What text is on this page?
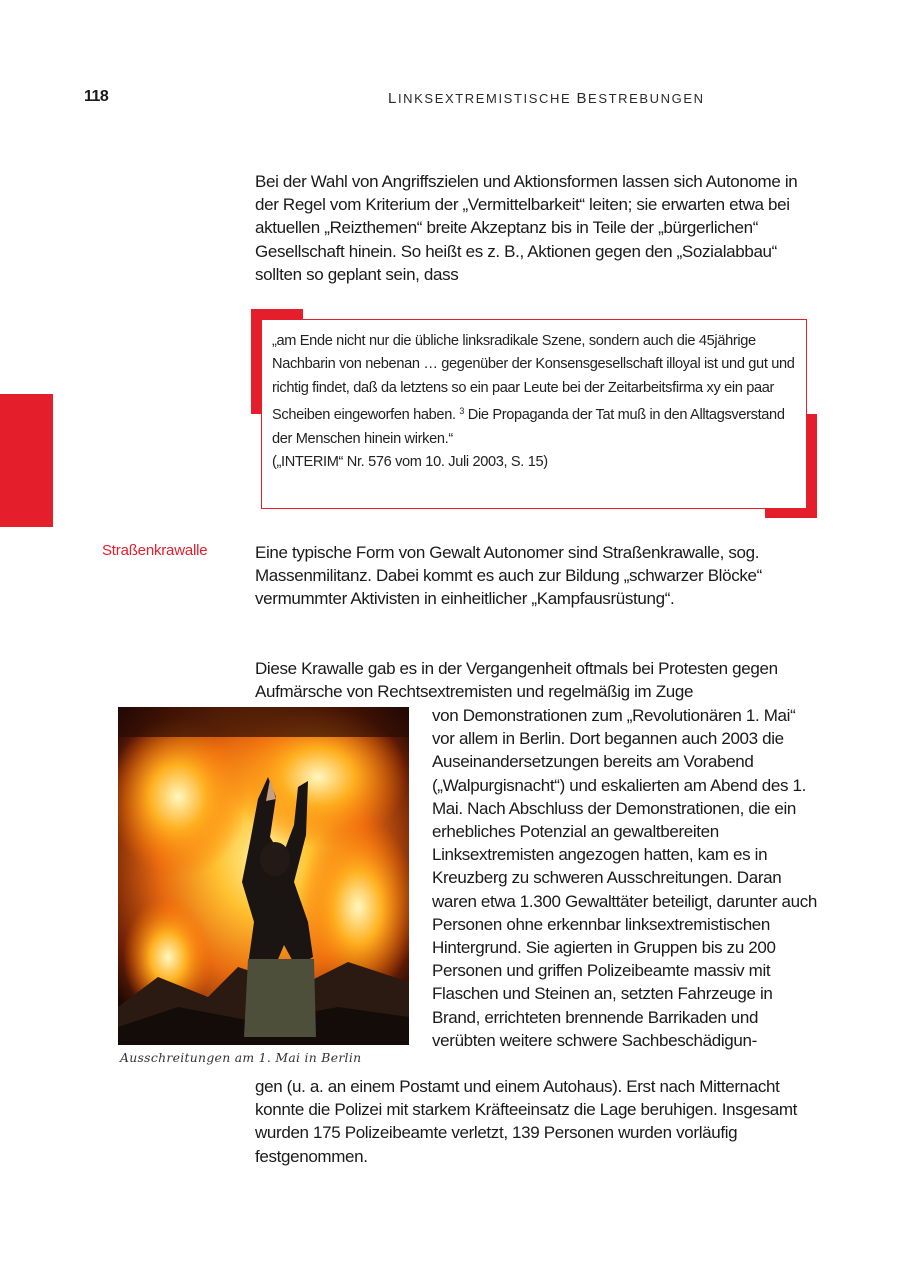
118	LINKSEXTREMISTISCHE BESTREBUNGEN

Bei der Wahl von Angriffszielen und Aktionsformen lassen sich Autonome in der Regel vom Kriterium der „Vermittelbarkeit“ leiten; sie erwarten etwa bei aktuellen „Reizthemen“ breite Akzeptanz bis in Teile der „bürgerlichen“ Gesellschaft hinein. So heißt es z. B., Aktionen gegen den „Sozialabbau“ sollten so geplant sein, dass

„am Ende nicht nur die übliche linksradikale Szene, sondern auch die 45jährige Nachbarin von nebenan … gegenüber der Konsensgesellschaft illoyal ist und gut und richtig findet, daß da letztens so ein paar Leute bei der Zeitarbeitsfirma xy ein paar Scheiben eingeworfen haben. $^3$ Die Propaganda der Tat muß in den Alltagsverstand der Menschen hinein wirken.“

(„INTERIM“ Nr. 576 vom 10. Juli 2003, S. 15)

Straßenkrawalle	Eine typische Form von Gewalt Autonomer sind Straßenkrawalle, sog. Massenmilitanz. Dabei kommt es auch zur Bildung „schwarzer Blöcke“ vermummter Aktivisten in einheitlicher „Kampfausrüstung“.

Diese Krawalle gab es in der Vergangenheit oftmals bei Protesten gegen Aufmärsche von Rechtsextremisten und regelmäßig im Zuge

von Demonstrationen zum „Revolutionären 1. Mai“ vor allem in Berlin. Dort begannen auch 2003 die Auseinandersetzungen bereits am Vorabend („Walpurgisnacht“) und eskalierten am Abend des 1. Mai. Nach Abschluss der Demonstrationen, die ein erhebliches Potenzial an gewaltbereiten Linksextremisten angezogen hatten, kam es in Kreuzberg zu schweren Ausschreitungen. Daran waren etwa 1.300 Gewalttäter beteiligt, darunter auch Personen ohne erkennbar linksextremistischen Hintergrund. Sie agierten in Gruppen bis zu 200 Personen und griffen Polizeibeamte massiv mit Flaschen und Steinen an, setzten Fahrzeuge in Brand, errichteten brennende Barrikaden und verübten weitere schwere Sachbeschädigun-

Ausschreitungen am 1. Mai in Berlin

gen (u. a. an einem Postamt und einem Autohaus). Erst nach Mitternacht konnte die Polizei mit starkem Kräfteeinsatz die Lage beruhigen. Insgesamt wurden 175 Polizeibeamte verletzt, 139 Personen wurden vorläufig festgenommen.
